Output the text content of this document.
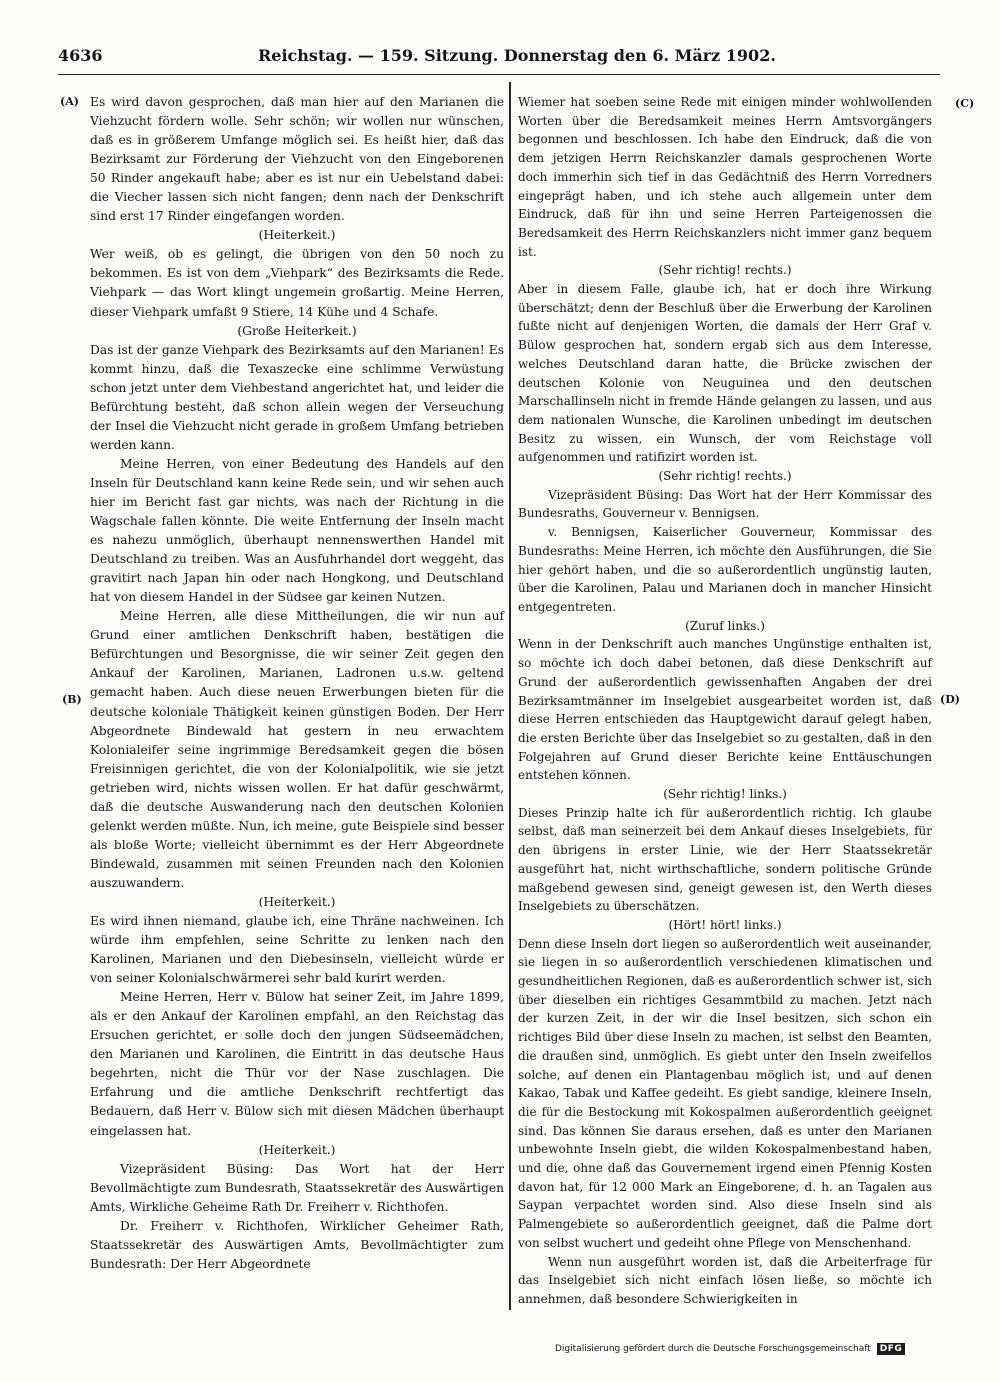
4636	Reichstag. — 159. Sitzung. Donnerstag den 6. März 1902.
(A)
(B)
(C)
(D)

Es wird davon gesprochen, daß man hier auf den Marianen die Viehzucht fördern wolle. Sehr schön; wir wollen nur wünschen, daß es in größerem Umfange möglich sei. Es heißt hier, daß das Bezirksamt zur Förderung der Viehzucht von den Eingeborenen 50 Rinder angekauft habe; aber es ist nur ein Uebelstand dabei: die Viecher lassen sich nicht fangen; denn nach der Denkschrift sind erst 17 Rinder eingefangen worden.

(Heiterkeit.)

Wer weiß, ob es gelingt, die übrigen von den 50 noch zu bekommen. Es ist von dem „Viehpark“ des Bezirksamts die Rede. Viehpark — das Wort klingt ungemein großartig. Meine Herren, dieser Viehpark umfaßt 9 Stiere, 14 Kühe und 4 Schafe.

(Große Heiterkeit.)

Das ist der ganze Viehpark des Bezirksamts auf den Marianen! Es kommt hinzu, daß die Texaszecke eine schlimme Verwüstung schon jetzt unter dem Viehbestand angerichtet hat, und leider die Befürchtung besteht, daß schon allein wegen der Verseuchung der Insel die Viehzucht nicht gerade in großem Umfang betrieben werden kann.

Meine Herren, von einer Bedeutung des Handels auf den Inseln für Deutschland kann keine Rede sein, und wir sehen auch hier im Bericht fast gar nichts, was nach der Richtung in die Wagschale fallen könnte. Die weite Entfernung der Inseln macht es nahezu unmöglich, überhaupt nennenswerthen Handel mit Deutschland zu treiben. Was an Ausfuhrhandel dort weggeht, das gravitirt nach Japan hin oder nach Hongkong, und Deutschland hat von diesem Handel in der Südsee gar keinen Nutzen.

Meine Herren, alle diese Mittheilungen, die wir nun auf Grund einer amtlichen Denkschrift haben, bestätigen die Befürchtungen und Besorgnisse, die wir seiner Zeit gegen den Ankauf der Karolinen, Marianen, Ladronen u.s.w. geltend gemacht haben. Auch diese neuen Erwerbungen bieten für die deutsche koloniale Thätigkeit keinen günstigen Boden. Der Herr Abgeordnete Bindewald hat gestern in neu erwachtem Kolonialeifer seine ingrimmige Beredsamkeit gegen die bösen Freisinnigen gerichtet, die von der Kolonialpolitik, wie sie jetzt getrieben wird, nichts wissen wollen. Er hat dafür geschwärmt, daß die deutsche Auswanderung nach den deutschen Kolonien gelenkt werden müßte. Nun, ich meine, gute Beispiele sind besser als bloße Worte; vielleicht übernimmt es der Herr Abgeordnete Bindewald, zusammen mit seinen Freunden nach den Kolonien auszuwandern.

(Heiterkeit.)

Es wird ihnen niemand, glaube ich, eine Thräne nachweinen. Ich würde ihm empfehlen, seine Schritte zu lenken nach den Karolinen, Marianen und den Diebesinseln, vielleicht würde er von seiner Kolonialschwärmerei sehr bald kurirt werden.

Meine Herren, Herr v. Bülow hat seiner Zeit, im Jahre 1899, als er den Ankauf der Karolinen empfahl, an den Reichstag das Ersuchen gerichtet, er solle doch den jungen Südseemädchen, den Marianen und Karolinen, die Eintritt in das deutsche Haus begehrten, nicht die Thür vor der Nase zuschlagen. Die Erfahrung und die amtliche Denkschrift rechtfertigt das Bedauern, daß Herr v. Bülow sich mit diesen Mädchen überhaupt eingelassen hat.

(Heiterkeit.)

Vizepräsident Büsing: Das Wort hat der Herr Bevollmächtigte zum Bundesrath, Staatssekretär des Auswärtigen Amts, Wirkliche Geheime Rath Dr. Freiherr v. Richthofen.

Dr. Freiherr v. Richthofen, Wirklicher Geheimer Rath, Staatssekretär des Auswärtigen Amts, Bevollmächtigter zum Bundesrath: Der Herr Abgeordnete

Wiemer hat soeben seine Rede mit einigen minder wohlwollenden Worten über die Beredsamkeit meines Herrn Amtsvorgängers begonnen und beschlossen. Ich habe den Eindruck, daß die von dem jetzigen Herrn Reichskanzler damals gesprochenen Worte doch immerhin sich tief in das Gedächtniß des Herrn Vorredners eingeprägt haben, und ich stehe auch allgemein unter dem Eindruck, daß für ihn und seine Herren Parteigenossen die Beredsamkeit des Herrn Reichskanzlers nicht immer ganz bequem ist.

(Sehr richtig! rechts.)

Aber in diesem Falle, glaube ich, hat er doch ihre Wirkung überschätzt; denn der Beschluß über die Erwerbung der Karolinen fußte nicht auf denjenigen Worten, die damals der Herr Graf v. Bülow gesprochen hat, sondern ergab sich aus dem Interesse, welches Deutschland daran hatte, die Brücke zwischen der deutschen Kolonie von Neuguinea und den deutschen Marschallinseln nicht in fremde Hände gelangen zu lassen, und aus dem nationalen Wunsche, die Karolinen unbedingt im deutschen Besitz zu wissen, ein Wunsch, der vom Reichstage voll aufgenommen und ratifizirt worden ist.

(Sehr richtig! rechts.)

Vizepräsident Büsing: Das Wort hat der Herr Kommissar des Bundesraths, Gouverneur v. Bennigsen.

v. Bennigsen, Kaiserlicher Gouverneur, Kommissar des Bundesraths: Meine Herren, ich möchte den Ausführungen, die Sie hier gehört haben, und die so außerordentlich ungünstig lauten, über die Karolinen, Palau und Marianen doch in mancher Hinsicht entgegentreten.

(Zuruf links.)

Wenn in der Denkschrift auch manches Ungünstige enthalten ist, so möchte ich doch dabei betonen, daß diese Denkschrift auf Grund der außerordentlich gewissenhaften Angaben der drei Bezirksamtmänner im Inselgebiet ausgearbeitet worden ist, daß diese Herren entschieden das Hauptgewicht darauf gelegt haben, die ersten Berichte über das Inselgebiet so zu gestalten, daß in den Folgejahren auf Grund dieser Berichte keine Enttäuschungen entstehen können.

(Sehr richtig! links.)

Dieses Prinzip halte ich für außerordentlich richtig. Ich glaube selbst, daß man seinerzeit bei dem Ankauf dieses Inselgebiets, für den übrigens in erster Linie, wie der Herr Staatssekretär ausgeführt hat, nicht wirthschaftliche, sondern politische Gründe maßgebend gewesen sind, geneigt gewesen ist, den Werth dieses Inselgebiets zu überschätzen.

(Hört! hört! links.)

Denn diese Inseln dort liegen so außerordentlich weit auseinander, sie liegen in so außerordentlich verschiedenen klimatischen und gesundheitlichen Regionen, daß es außerordentlich schwer ist, sich über dieselben ein richtiges Gesammtbild zu machen. Jetzt nach der kurzen Zeit, in der wir die Insel besitzen, sich schon ein richtiges Bild über diese Inseln zu machen, ist selbst den Beamten, die draußen sind, unmöglich. Es giebt unter den Inseln zweifellos solche, auf denen ein Plantagenbau möglich ist, und auf denen Kakao, Tabak und Kaffee gedeiht. Es giebt sandige, kleinere Inseln, die für die Bestockung mit Kokospalmen außerordentlich geeignet sind. Das können Sie daraus ersehen, daß es unter den Marianen unbewohnte Inseln giebt, die wilden Kokospalmenbestand haben, und die, ohne daß das Gouvernement irgend einen Pfennig Kosten davon hat, für 12 000 Mark an Eingeborene, d. h. an Tagalen aus Saypan verpachtet worden sind. Also diese Inseln sind als Palmengebiete so außerordentlich geeignet, daß die Palme dort von selbst wuchert und gedeiht ohne Pflege von Menschenhand.

Wenn nun ausgeführt worden ist, daß die Arbeiterfrage für das Inselgebiet sich nicht einfach lösen ließe, so möchte ich annehmen, daß besondere Schwierigkeiten in

Digitalisierung gefördert durch die Deutsche Forschungsgemeinschaft	DFG
